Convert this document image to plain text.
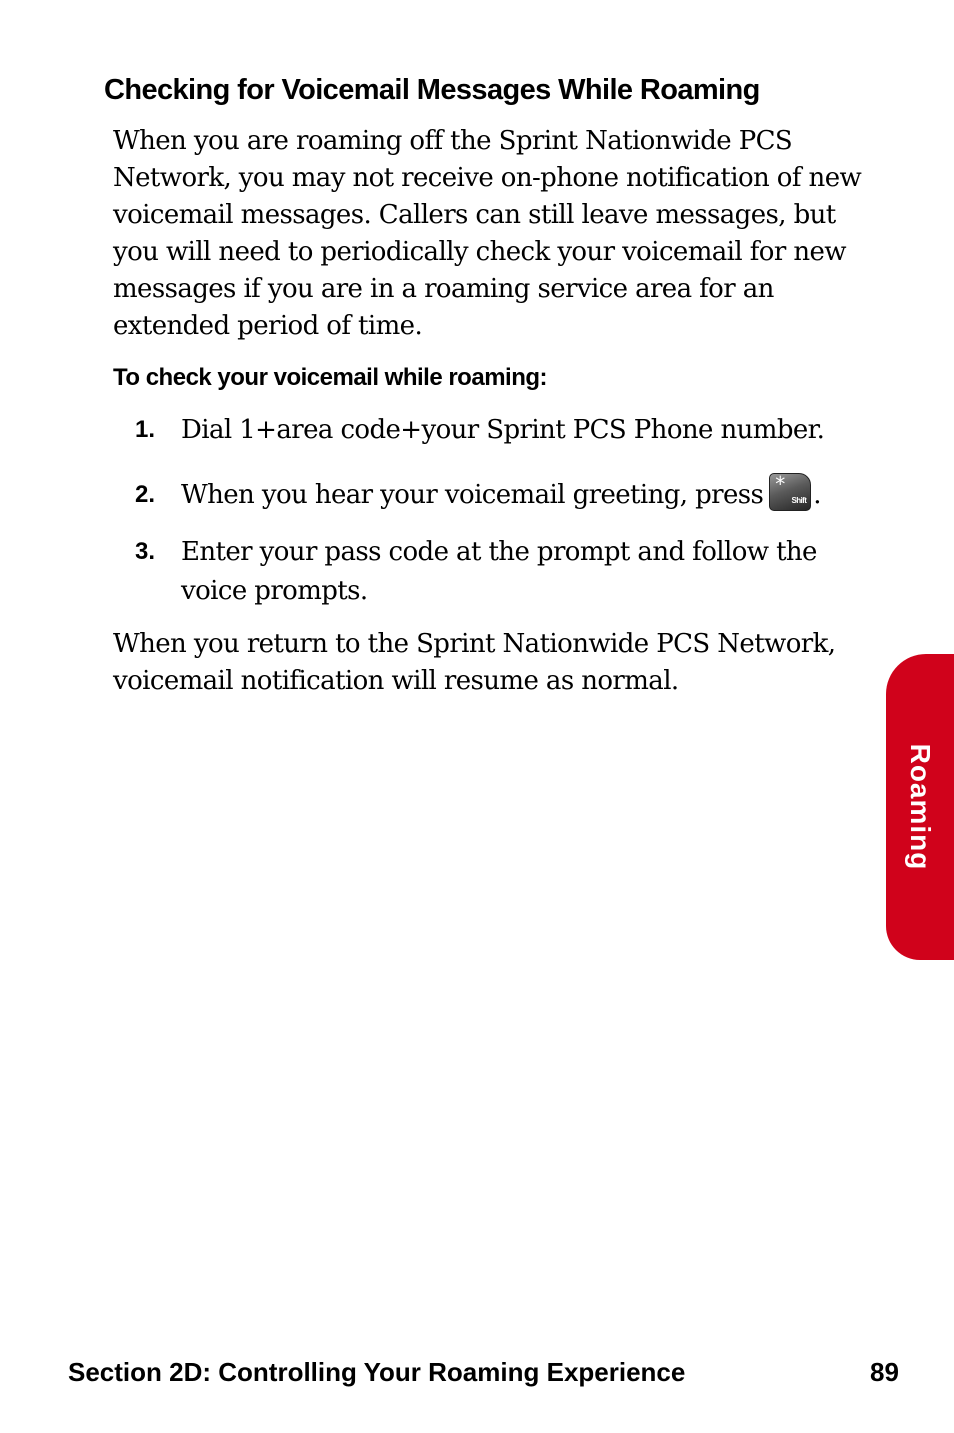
Checking for Voicemail Messages While Roaming

When you are roaming off the Sprint Nationwide PCS Network, you may not receive on-phone notification of new voicemail messages. Callers can still leave messages, but you will need to periodically check your voicemail for new messages if you are in a roaming service area for an extended period of time.

To check your voicemail while roaming:

1. Dial 1+area code+your Sprint PCS Phone number.

2. When you hear your voicemail greeting, press *
Shift .

3. Enter your pass code at the prompt and follow the voice prompts.

When you return to the Sprint Nationwide PCS Network, voicemail notification will resume as normal.

Roaming

Section 2D: Controlling Your Roaming Experience	89
